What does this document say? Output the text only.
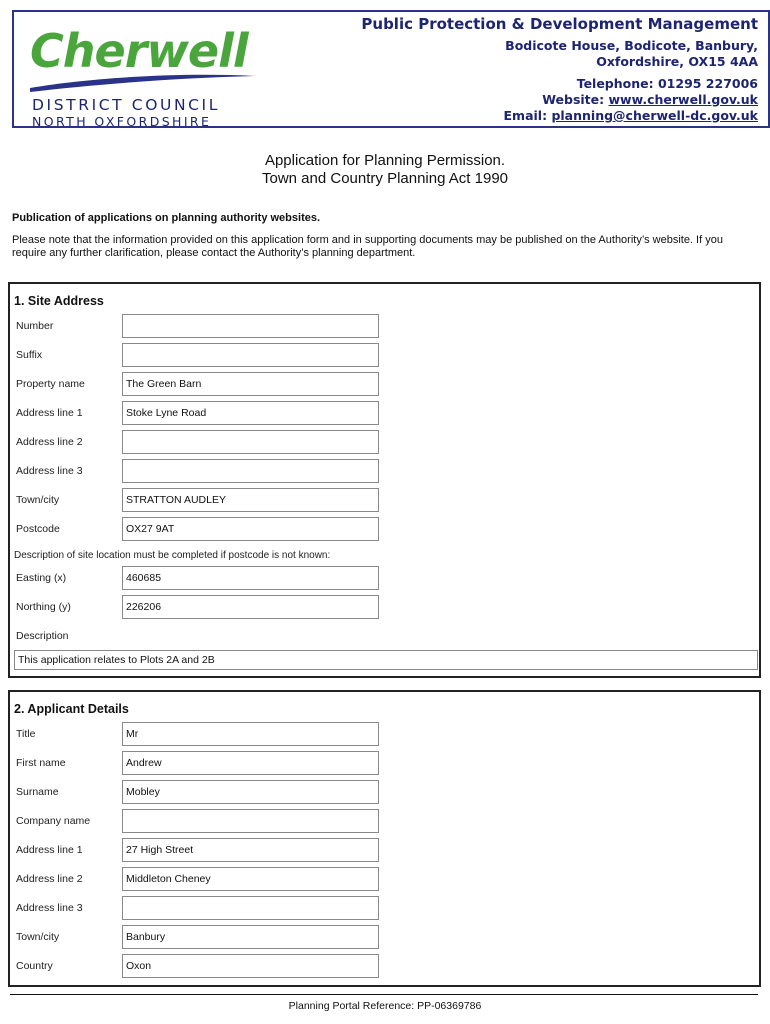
Cherwell
DISTRICT COUNCIL
NORTH OXFORDSHIRE
Public Protection & Development Management
Bodicote House, Bodicote, Banbury,
Oxfordshire, OX15 4AA
Telephone: 01295 227006
Website: www.cherwell.gov.uk
Email: planning@cherwell-dc.gov.uk
Application for Planning Permission.
Town and Country Planning Act 1990
Publication of applications on planning authority websites.
Please note that the information provided on this application form and in supporting documents may be published on the Authority’s website. If you require any further clarification, please contact the Authority’s planning department.
1. Site Address
Number
Suffix
Property name	The Green Barn
Address line 1	Stoke Lyne Road
Address line 2
Address line 3
Town/city	STRATTON AUDLEY
Postcode	OX27 9AT
Description of site location must be completed if postcode is not known:
Easting (x)	460685
Northing (y)	226206
Description
This application relates to Plots 2A and 2B
2. Applicant Details
Title	Mr
First name	Andrew
Surname	Mobley
Company name
Address line 1	27 High Street
Address line 2	Middleton Cheney
Address line 3
Town/city	Banbury
Country	Oxon
Planning Portal Reference: PP-06369786
